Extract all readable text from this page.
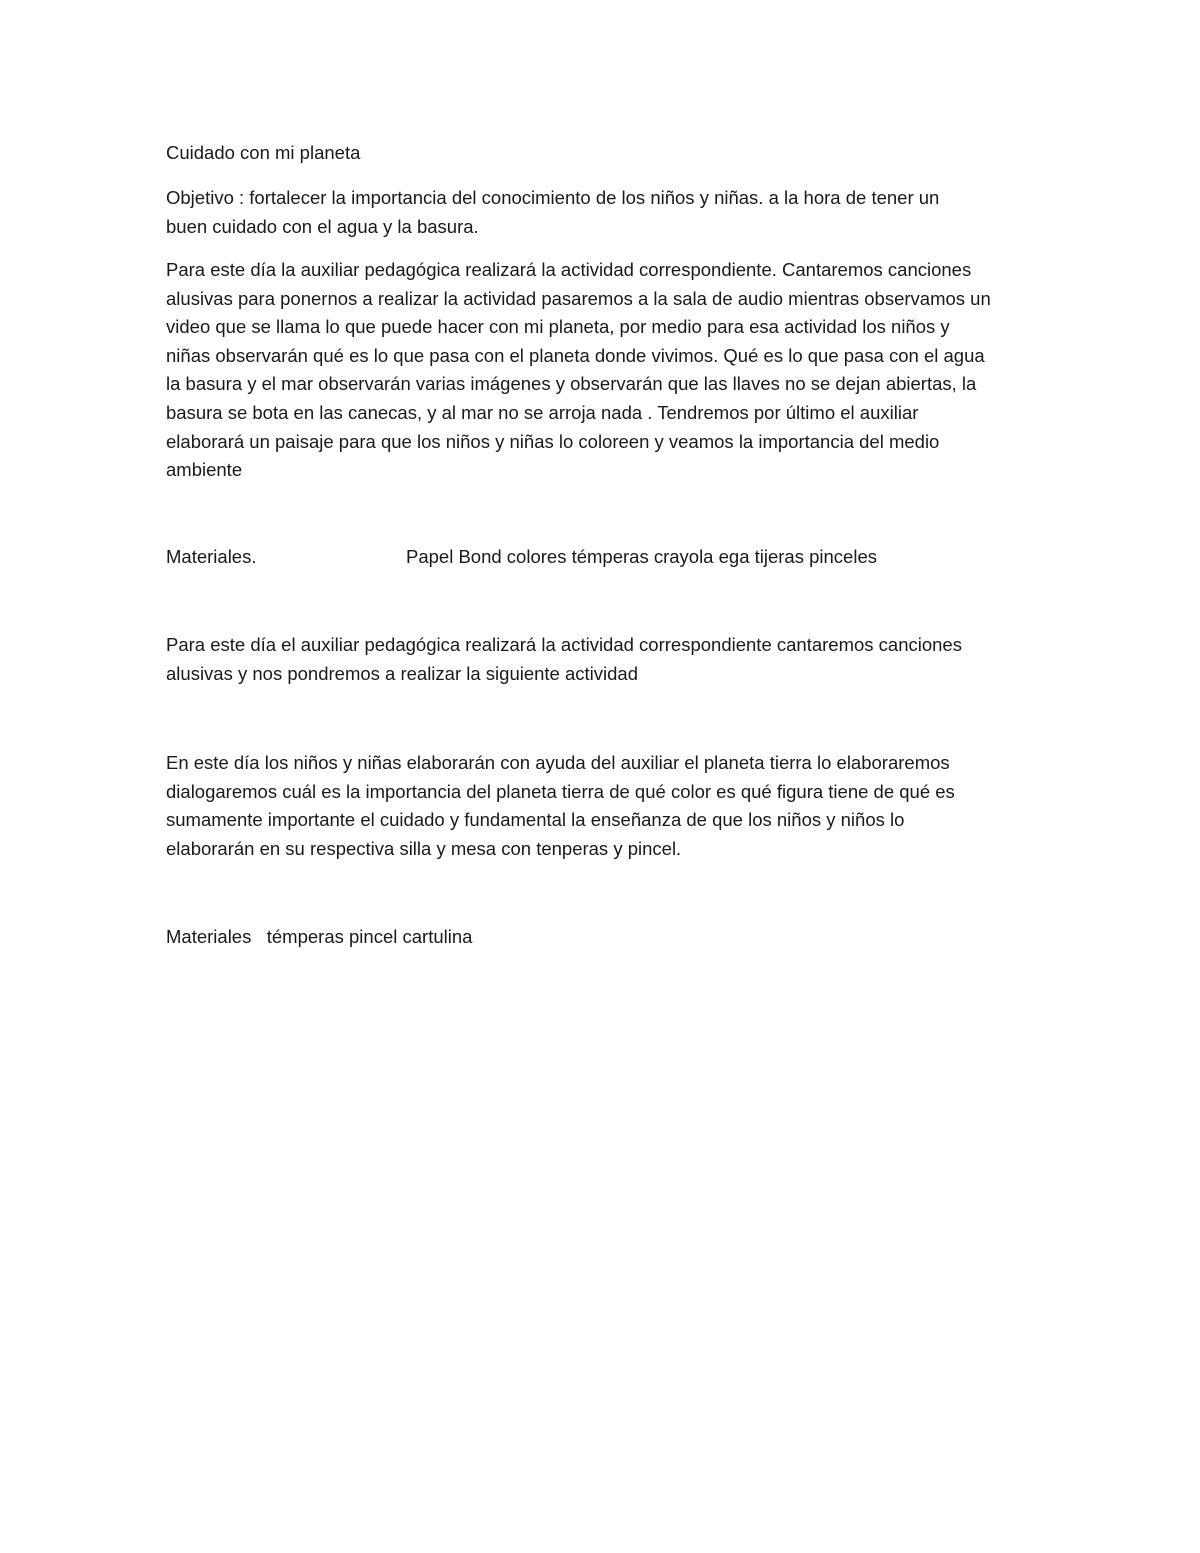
Cuidado con mi planeta

Objetivo : fortalecer la importancia del conocimiento de los niños y niñas. a la hora de tener un
buen cuidado con el agua y la basura.

Para este día la auxiliar pedagógica realizará la actividad correspondiente. Cantaremos canciones
alusivas para ponernos a realizar la actividad pasaremos a la sala de audio mientras observamos un
video que se llama lo que puede hacer con mi planeta, por medio para esa actividad los niños y
niñas observarán qué es lo que pasa con el planeta donde vivimos. Qué es lo que pasa con el agua
la basura y el mar observarán varias imágenes y observarán que las llaves no se dejan abiertas, la
basura se bota en las canecas, y al mar no se arroja nada . Tendremos por último el auxiliar
elaborará un paisaje para que los niños y niñas lo coloreen y veamos la importancia del medio
ambiente

Materiales.	Papel Bond colores témperas crayola ega tijeras pinceles

Para este día el auxiliar pedagógica realizará la actividad correspondiente cantaremos canciones
alusivas y nos pondremos a realizar la siguiente actividad

En este día los niños y niñas elaborarán con ayuda del auxiliar el planeta tierra lo elaboraremos
dialogaremos cuál es la importancia del planeta tierra de qué color es qué figura tiene de qué es
sumamente importante el cuidado y fundamental la enseñanza de que los niños y niños lo
elaborarán en su respectiva silla y mesa con tenperas y pincel.

Materiales   témperas pincel cartulina
